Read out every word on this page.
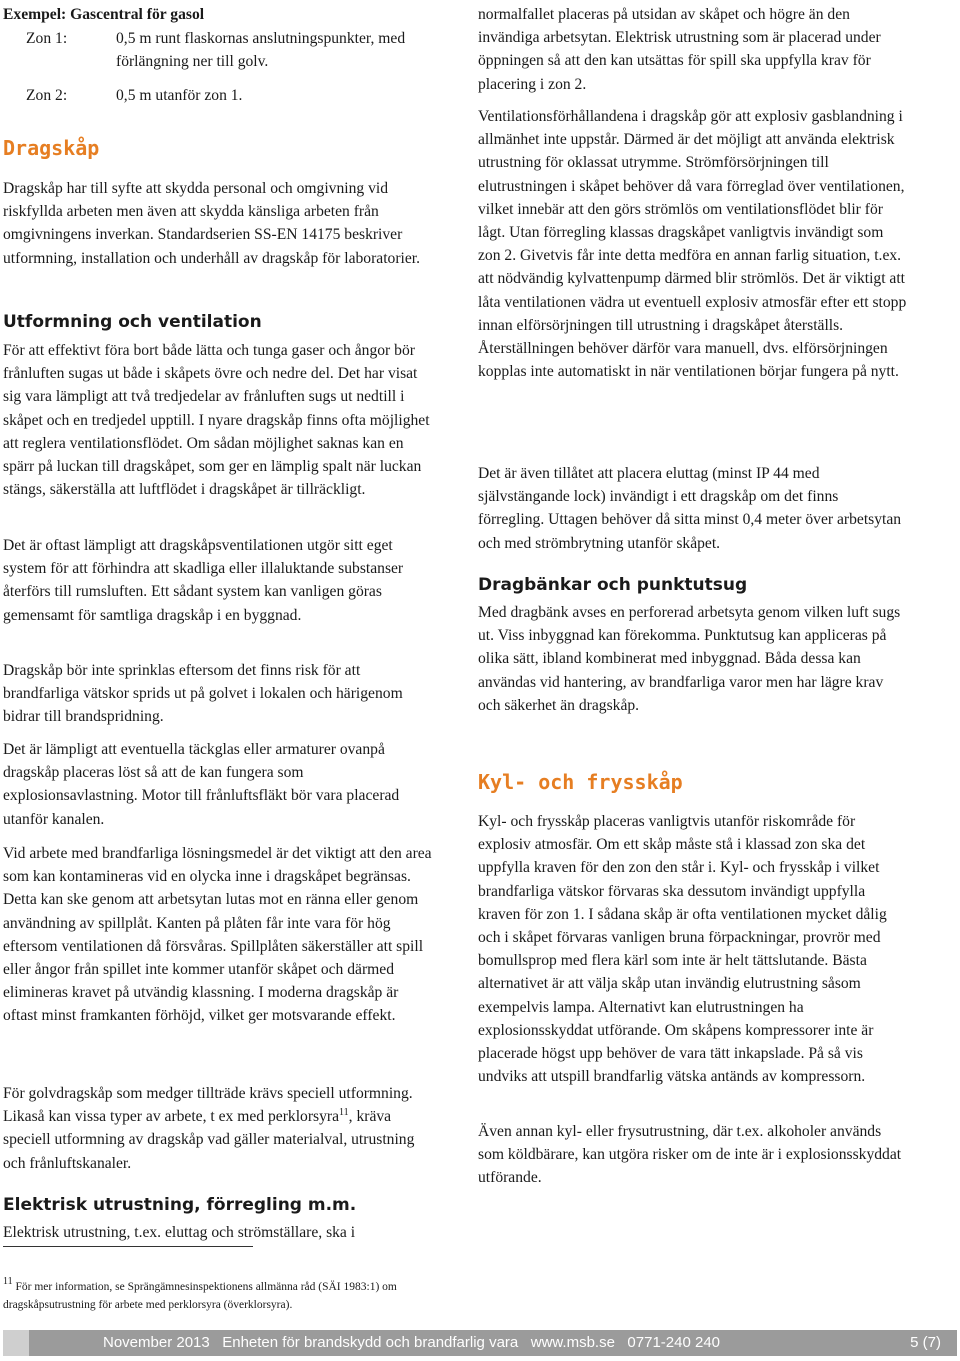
Exempel: Gascentral för gasol
Zon 1:	0,5 m runt flaskornas anslutningspunkter, med förlängning ner till golv.
Zon 2:	0,5 m utanför zon 1.
Dragskåp

Dragskåp har till syfte att skydda personal och omgivning vid riskfyllda arbeten men även att skydda känsliga arbeten från omgivningens inverkan. Standardserien SS-EN 14175 beskriver utformning, installation och underhåll av dragskåp för laboratorier.

Utformning och ventilation

För att effektivt föra bort både lätta och tunga gaser och ångor bör frånluften sugas ut både i skåpets övre och nedre del. Det har visat sig vara lämpligt att två tredjedelar av frånluften sugs ut nedtill i skåpet och en tredjedel upptill. I nyare dragskåp finns ofta möjlighet att reglera ventilationsflödet. Om sådan möjlighet saknas kan en spärr på luckan till dragskåpet, som ger en lämplig spalt när luckan stängs, säkerställa att luftflödet i dragskåpet är tillräckligt.

Det är oftast lämpligt att dragskåpsventilationen utgör sitt eget system för att förhindra att skadliga eller illaluktande substanser återförs till rumsluften. Ett sådant system kan vanligen göras gemensamt för samtliga dragskåp i en byggnad.

Dragskåp bör inte sprinklas eftersom det finns risk för att brandfarliga vätskor sprids ut på golvet i lokalen och härigenom bidrar till brandspridning.

Det är lämpligt att eventuella täckglas eller armaturer ovanpå dragskåp placeras löst så att de kan fungera som explosionsavlastning. Motor till frånluftsfläkt bör vara placerad utanför kanalen.

Vid arbete med brandfarliga lösningsmedel är det viktigt att den area som kan kontamineras vid en olycka inne i dragskåpet begränsas. Detta kan ske genom att arbetsytan lutas mot en ränna eller genom användning av spillplåt. Kanten på plåten får inte vara för hög eftersom ventilationen då försvåras. Spillplåten säkerställer att spill eller ångor från spillet inte kommer utanför skåpet och därmed elimineras kravet på utvändig klassning. I moderna dragskåp är oftast minst framkanten förhöjd, vilket ger motsvarande effekt.

För golvdragskåp som medger tillträde krävs speciell utformning. Likaså kan vissa typer av arbete, t ex med perklorsyra$^{11}$, kräva speciell utformning av dragskåp vad gäller materialval, utrustning och frånluftskanaler.

Elektrisk utrustning, förregling m.m.

Elektrisk utrustning, t.ex. eluttag och strömställare, ska i

normalfallet placeras på utsidan av skåpet och högre än den invändiga arbetsytan. Elektrisk utrustning som är placerad under öppningen så att den kan utsättas för spill ska uppfylla krav för placering i zon 2.

Ventilationsförhållandena i dragskåp gör att explosiv gasblandning i allmänhet inte uppstår. Därmed är det möjligt att använda elektrisk utrustning för oklassat utrymme. Strömförsörjningen till elutrustningen i skåpet behöver då vara förreglad över ventilationen, vilket innebär att den görs strömlös om ventilationsflödet blir för lågt. Utan förregling klassas dragskåpet vanligtvis invändigt som zon 2. Givetvis får inte detta medföra en annan farlig situation, t.ex. att nödvändig kylvattenpump därmed blir strömlös. Det är viktigt att låta ventilationen vädra ut eventuell explosiv atmosfär efter ett stopp innan elförsörjningen till utrustning i dragskåpet återställs. Återställningen behöver därför vara manuell, dvs. elförsörjningen kopplas inte automatiskt in när ventilationen börjar fungera på nytt.

Det är även tillåtet att placera eluttag (minst IP 44 med självstängande lock) invändigt i ett dragskåp om det finns förregling. Uttagen behöver då sitta minst 0,4 meter över arbetsytan och med strömbrytning utanför skåpet.

Dragbänkar och punktutsug

Med dragbänk avses en perforerad arbetsyta genom vilken luft sugs ut. Viss inbyggnad kan förekomma. Punktutsug kan appliceras på olika sätt, ibland kombinerat med inbyggnad. Båda dessa kan användas vid hantering, av brandfarliga varor men har lägre krav och säkerhet än dragskåp.

Kyl- och frysskåp

Kyl- och frysskåp placeras vanligtvis utanför riskområde för explosiv atmosfär. Om ett skåp måste stå i klassad zon ska det uppfylla kraven för den zon den står i. Kyl- och frysskåp i vilket brandfarliga vätskor förvaras ska dessutom invändigt uppfylla kraven för zon 1. I sådana skåp är ofta ventilationen mycket dålig och i skåpet förvaras vanligen bruna förpackningar, provrör med bomullsprop med flera kärl som inte är helt tättslutande. Bästa alternativet är att välja skåp utan invändig elutrustning såsom exempelvis lampa. Alternativt kan elutrustningen ha explosionsskyddat utförande. Om skåpens kompressorer inte är placerade högst upp behöver de vara tätt inkapslade. På så vis undviks att utspill brandfarlig vätska antänds av kompressorn.

Även annan kyl- eller frysutrustning, där t.ex. alkoholer används som köldbärare, kan utgöra risker om de inte är i explosionsskyddat utförande.

11 För mer information, se Sprängämnesinspektionens allmänna råd (SÄI 1983:1) om dragskåpsutrustning för arbete med perklorsyra (överklorsyra).
November 2013   Enheten för brandskydd och brandfarlig vara   www.msb.se   0771-240 240	5 (7)
